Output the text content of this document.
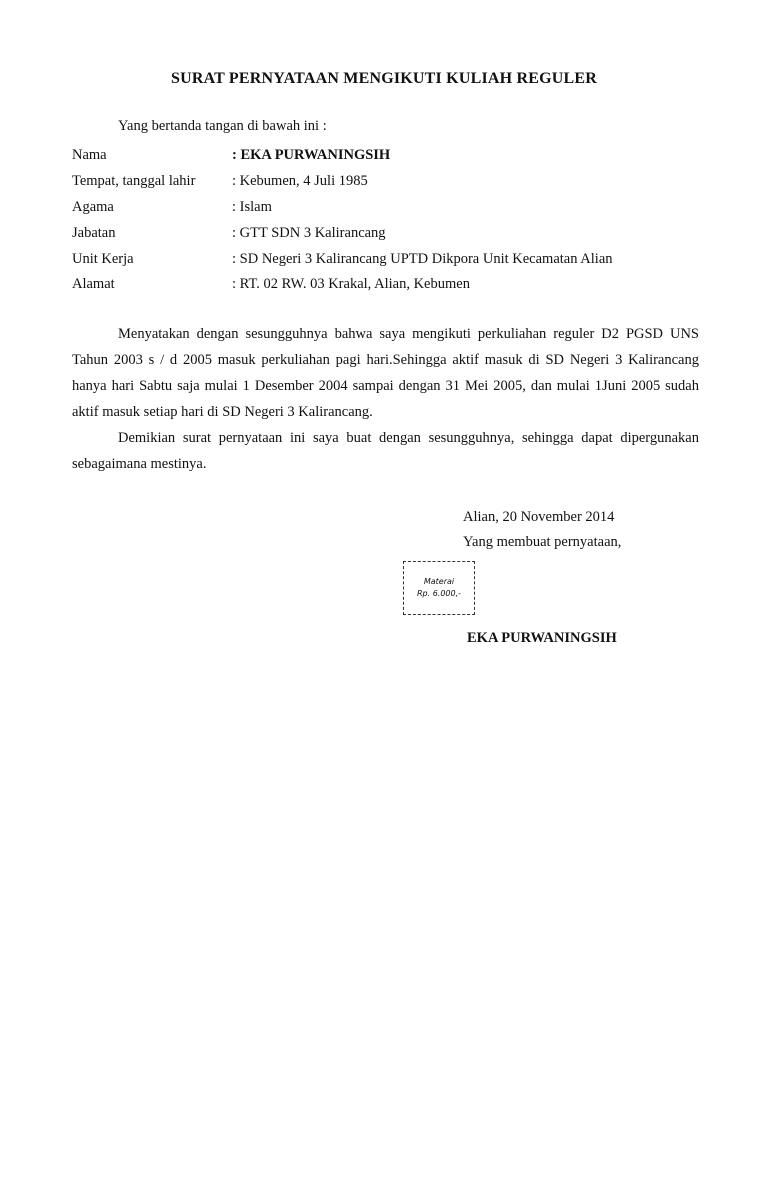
SURAT PERNYATAAN MENGIKUTI KULIAH REGULER
Yang bertanda tangan di bawah ini :
Nama	: EKA PURWANINGSIH
Tempat, tanggal lahir	: Kebumen, 4 Juli 1985
Agama	: Islam
Jabatan	: GTT SDN 3 Kalirancang
Unit Kerja	: SD Negeri 3 Kalirancang UPTD Dikpora Unit Kecamatan Alian
Alamat	: RT. 02 RW. 03 Krakal, Alian, Kebumen

Menyatakan dengan sesungguhnya bahwa saya mengikuti perkuliahan reguler D2 PGSD UNS Tahun 2003 s / d 2005 masuk perkuliahan pagi hari.Sehingga aktif masuk di SD Negeri 3 Kalirancang hanya hari Sabtu saja mulai 1 Desember 2004 sampai dengan 31 Mei 2005, dan mulai 1Juni 2005 sudah aktif masuk setiap hari di SD Negeri 3 Kalirancang.

Demikian surat pernyataan ini saya buat dengan sesungguhnya, sehingga dapat dipergunakan sebagaimana mestinya.

Alian, 20 November 2014
Yang membuat pernyataan,
Materai
Rp. 6.000,-
EKA PURWANINGSIH
